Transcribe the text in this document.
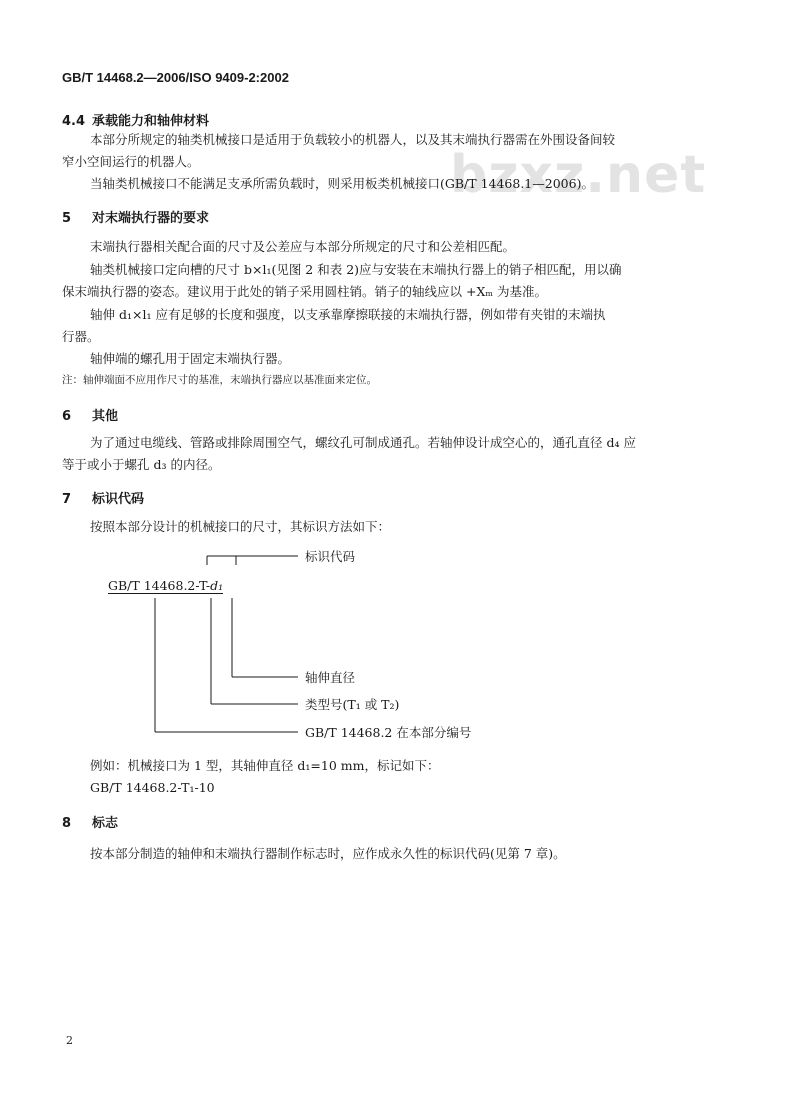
bzxz.net
GB/T 14468.2—2006/ISO 9409-2:2002
4.4 承载能力和轴伸材料
本部分所规定的轴类机械接口是适用于负载较小的机器人，以及其末端执行器需在外围设备间较
窄小空间运行的机器人。
当轴类机械接口不能满足支承所需负载时，则采用板类机械接口(GB/T 14468.1—2006)。
5 对末端执行器的要求
末端执行器相关配合面的尺寸及公差应与本部分所规定的尺寸和公差相匹配。
轴类机械接口定向槽的尺寸 b×l₁(见图 2 和表 2)应与安装在末端执行器上的销子相匹配，用以确
保末端执行器的姿态。建议用于此处的销子采用圆柱销。销子的轴线应以 +Xₘ 为基准。
轴伸 d₁×l₁ 应有足够的长度和强度，以支承靠摩擦联接的末端执行器，例如带有夹钳的末端执
行器。
轴伸端的螺孔用于固定末端执行器。
注：轴伸端面不应用作尺寸的基准，末端执行器应以基准面来定位。
6 其他
为了通过电缆线、管路或排除周围空气，螺纹孔可制成通孔。若轴伸设计成空心的，通孔直径 d₄ 应
等于或小于螺孔 d₃ 的内径。
7 标识代码
按照本部分设计的机械接口的尺寸，其标识方法如下：
GB/T 14468.2-T-d₁
标识代码
轴伸直径
类型号(T₁ 或 T₂)
GB/T 14468.2 在本部分编号
例如：机械接口为 1 型，其轴伸直径 d₁=10 mm，标记如下：
GB/T 14468.2-T₁-10
8 标志
按本部分制造的轴伸和末端执行器制作标志时，应作成永久性的标识代码(见第 7 章)。
2
